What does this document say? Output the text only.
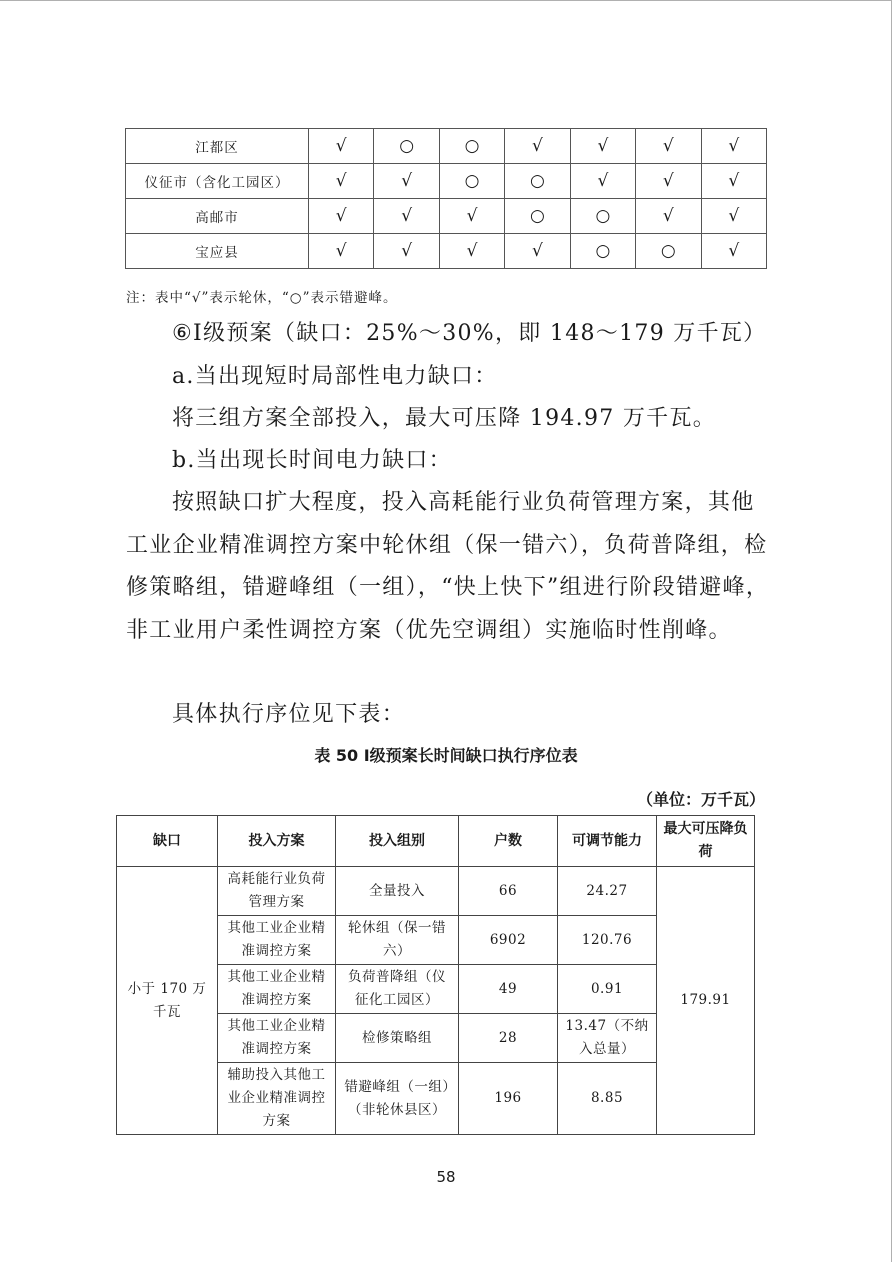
江都区	√	○	○	√	√	√	√
仪征市（含化工园区）	√	√	○	○	√	√	√
高邮市	√	√	√	○	○	√	√
宝应县	√	√	√	√	○	○	√
注：表中“√”表示轮休，“○”表示错避峰。

⑥I级预案（缺口：25%～30%，即 148～179 万千瓦）

a.当出现短时局部性电力缺口：

将三组方案全部投入，最大可压降 194.97 万千瓦。

b.当出现长时间电力缺口：

按照缺口扩大程度，投入高耗能行业负荷管理方案，其他工业企业精准调控方案中轮休组（保一错六），负荷普降组，检修策略组，错避峰组（一组），“快上快下”组进行阶段错避峰，非工业用户柔性调控方案（优先空调组）实施临时性削峰。

具体执行序位见下表：

表 50 Ⅰ级预案长时间缺口执行序位表
（单位：万千瓦）
缺口	投入方案	投入组别	户数	可调节能力	最大可压降负荷
小于 170 万千瓦	高耗能行业负荷管理方案	全量投入	66	24.27	179.91
	其他工业企业精准调控方案	轮休组（保一错六）	6902	120.76	
	其他工业企业精准调控方案	负荷普降组（仪征化工园区）	49	0.91	
	其他工业企业精准调控方案	检修策略组	28	13.47（不纳入总量）	
	辅助投入其他工业企业精准调控方案	错避峰组（一组）（非轮休县区）	196	8.85	
58
